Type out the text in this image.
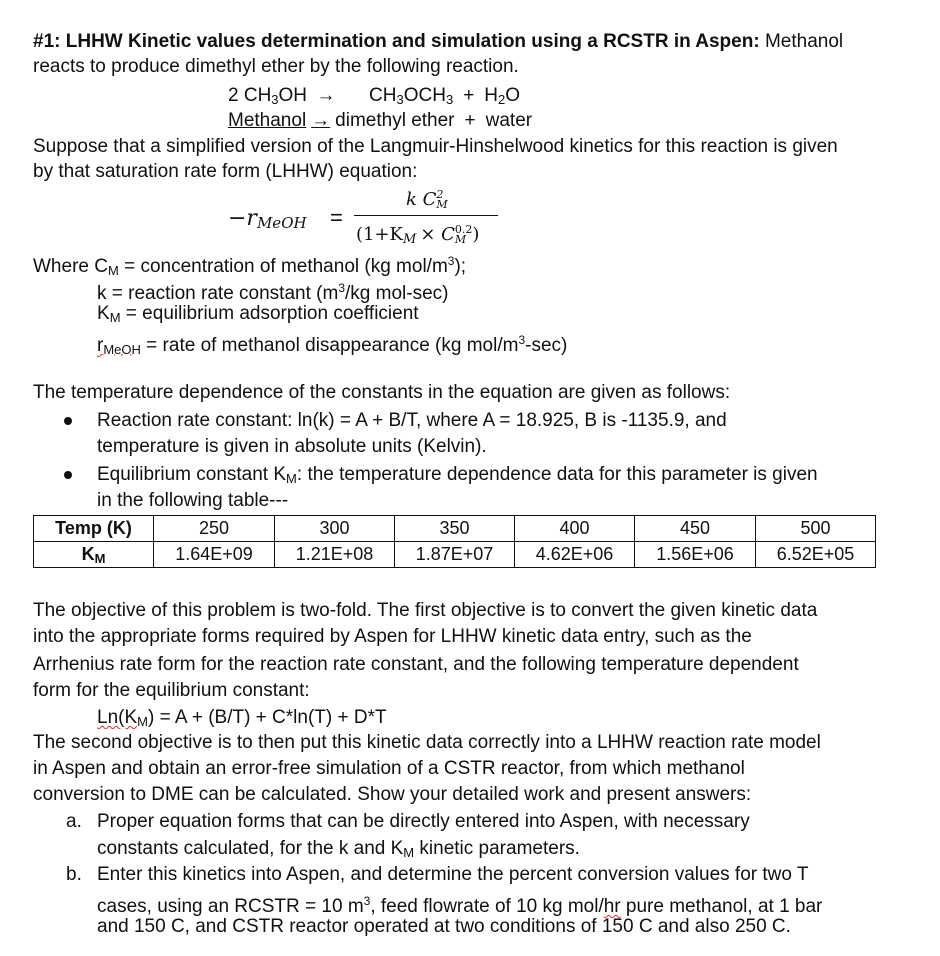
#1: LHHW Kinetic values determination and simulation using a RCSTR in Aspen: Methanol
reacts to produce dimethyl ether by the following reaction.
2 $CH_3OH \to CH_3OCH_3 + H_2O$
Methanol → dimethyl ether + water
Suppose that a simplified version of the Langmuir-Hinshelwood kinetics for this reaction is given
by that saturation rate form (LHHW) equation:
$-r_{MeOH}$ =
k C 2
M
($1+K_M \times C$ 0.2
M )
Where $C_M$ = concentration of methanol (kg mol/$m^3$);
k = reaction rate constant ($m^3/kg$ mol-sec)
$K_M$ = equilibrium adsorption coefficient
$r_{MeOH}$ = rate of methanol disappearance (kg mol/$m^3-\sec$)
The temperature dependence of the constants in the equation are given as follows:
Reaction rate constant: ln(k) = A + B/T, where A = 18.925, B is -1135.9, and
temperature is given in absolute units (Kelvin).
Equilibrium constant $K_M$: the temperature dependence data for this parameter is given
in the following table---
Temp (K)	250	300	350	400	450	500
$K_M$	1.64E+09	1.21E+08	1.87E+07	4.62E+06	1.56E+06	6.52E+05
The objective of this problem is two-fold. The first objective is to convert the given kinetic data
into the appropriate forms required by Aspen for LHHW kinetic data entry, such as the
Arrhenius rate form for the reaction rate constant, and the following temperature dependent
form for the equilibrium constant:
$Ln(K_M) = A + (B/T) + C*\ln(T) + D*T$
The second objective is to then put this kinetic data correctly into a LHHW reaction rate model
in Aspen and obtain an error-free simulation of a CSTR reactor, from which methanol
conversion to DME can be calculated. Show your detailed work and present answers:
a. Proper equation forms that can be directly entered into Aspen, with necessary
constants calculated, for the k and $K_M$ kinetic parameters.
b. Enter this kinetics into Aspen, and determine the percent conversion values for two T
cases, using an RCSTR = 10 $m^3$, feed flowrate of 10 kg mol/hr pure methanol, at 1 bar
and 150 C, and CSTR reactor operated at two conditions of 150 C and also 250 C.
